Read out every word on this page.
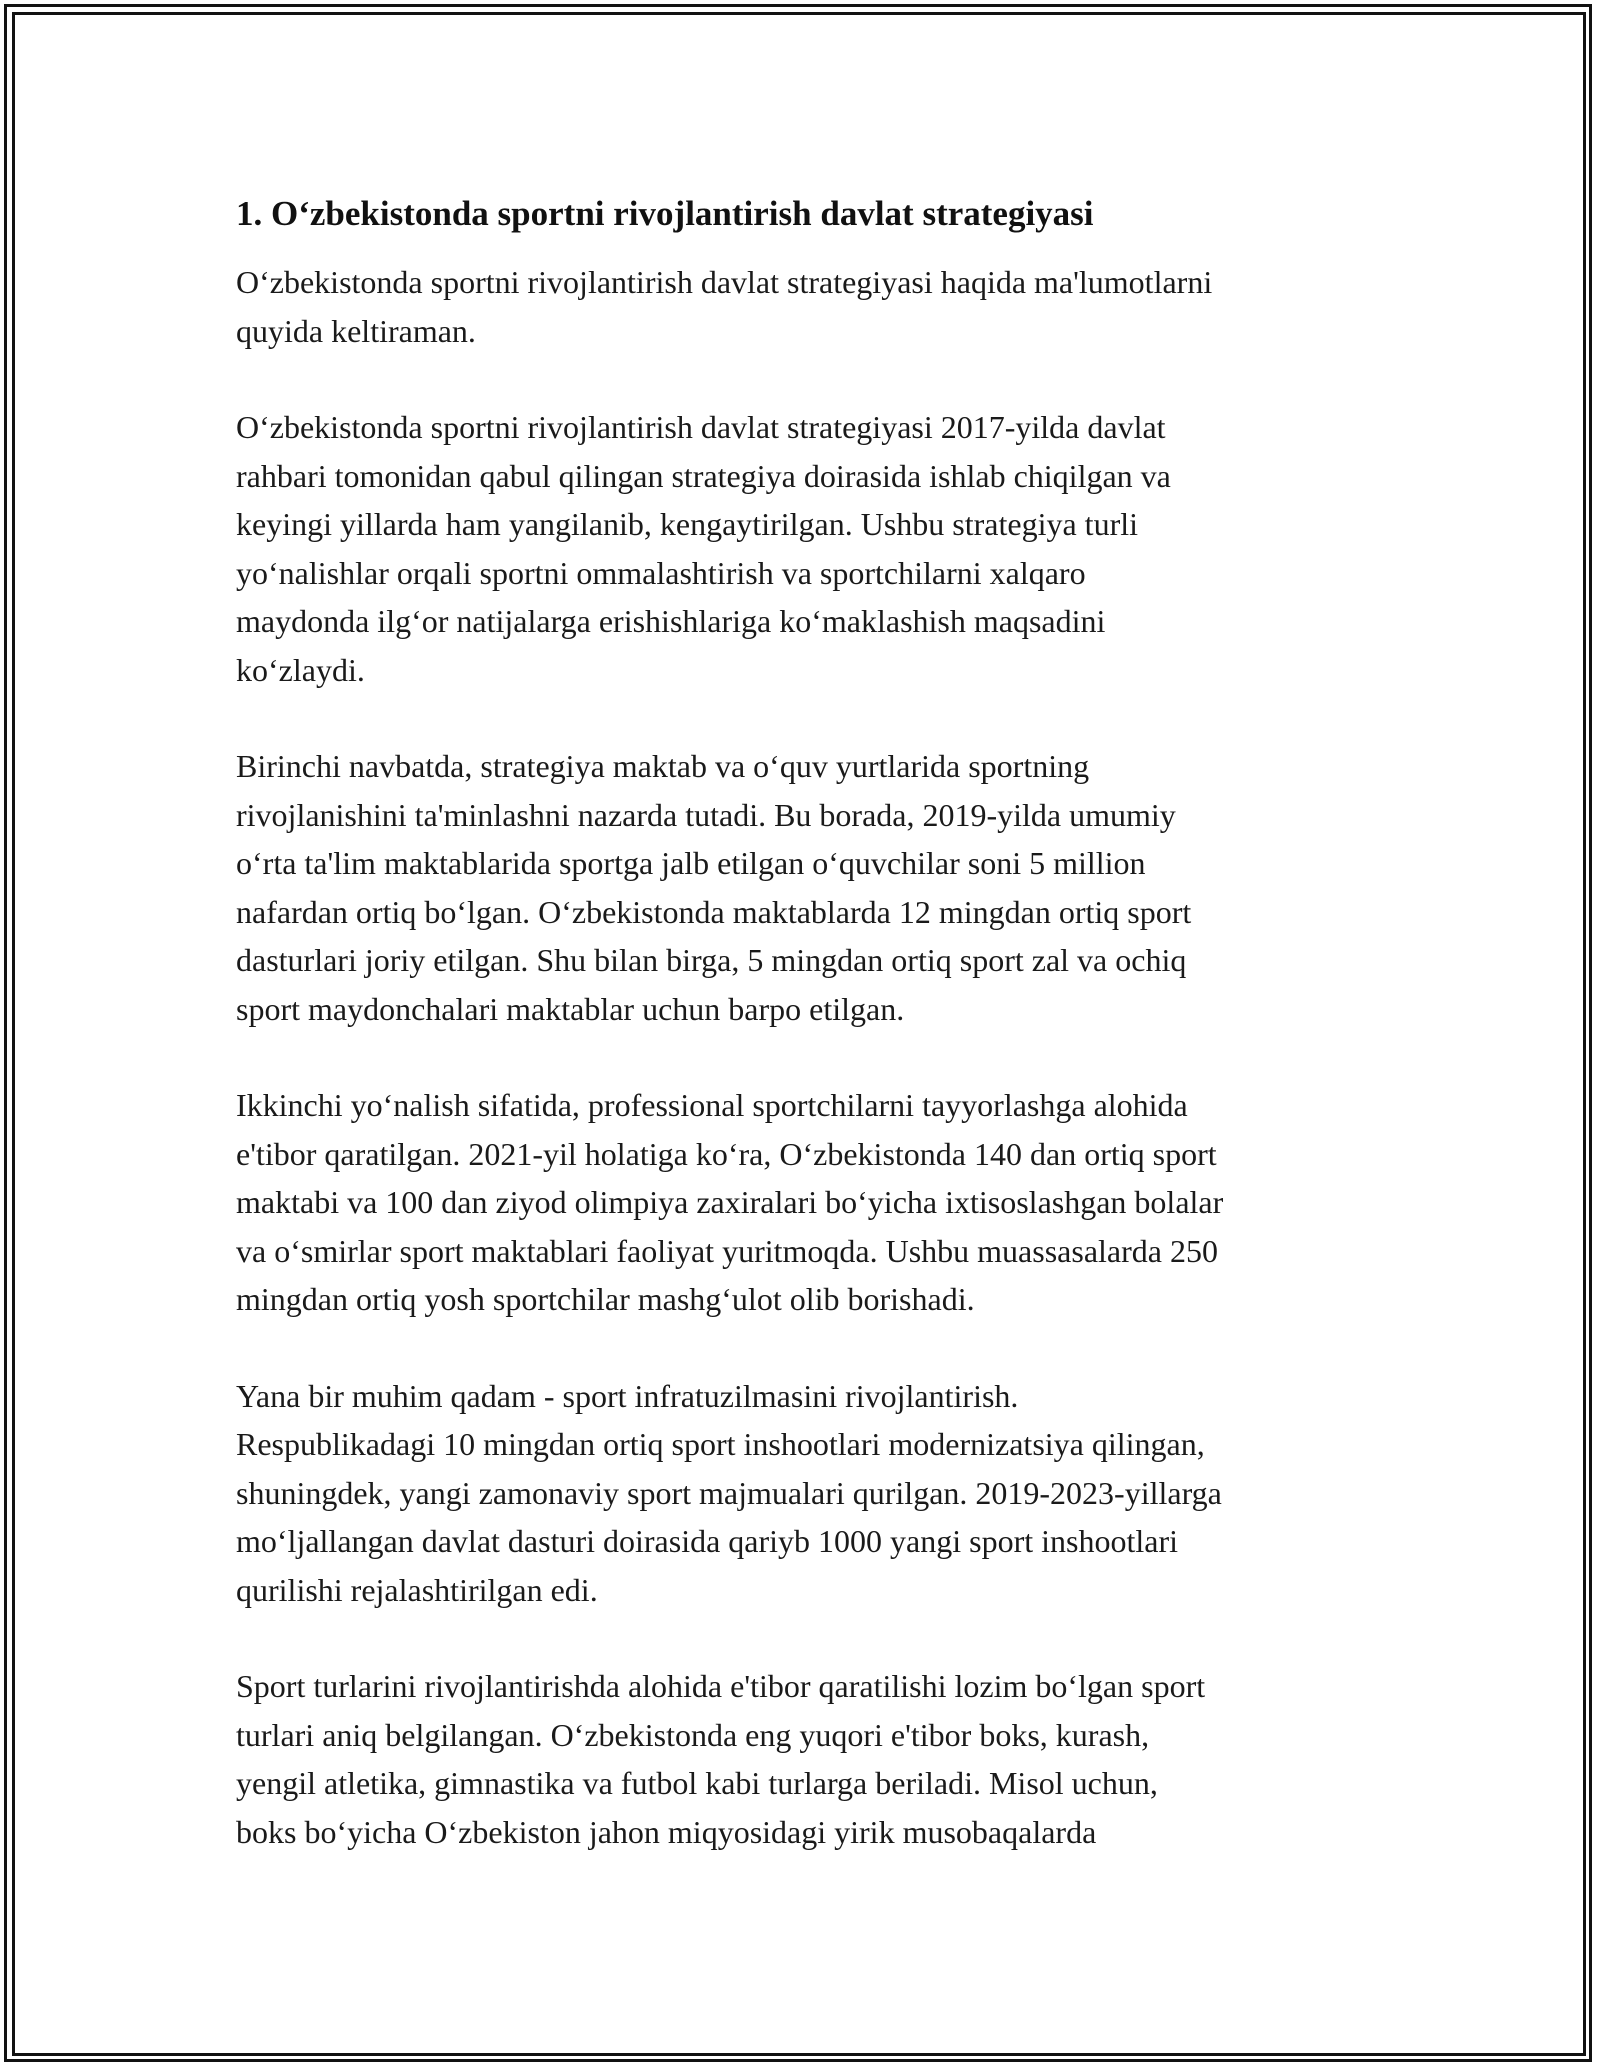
1. O‘zbekistonda sportni rivojlantirish davlat strategiyasi
O‘zbekistonda sportni rivojlantirish davlat strategiyasi haqida ma'lumotlarni
quyida keltiraman.
O‘zbekistonda sportni rivojlantirish davlat strategiyasi 2017-yilda davlat
rahbari tomonidan qabul qilingan strategiya doirasida ishlab chiqilgan va
keyingi yillarda ham yangilanib, kengaytirilgan. Ushbu strategiya turli
yo‘nalishlar orqali sportni ommalashtirish va sportchilarni xalqaro
maydonda ilg‘or natijalarga erishishlariga ko‘maklashish maqsadini
ko‘zlaydi.
Birinchi navbatda, strategiya maktab va o‘quv yurtlarida sportning
rivojlanishini ta'minlashni nazarda tutadi. Bu borada, 2019-yilda umumiy
o‘rta ta'lim maktablarida sportga jalb etilgan o‘quvchilar soni 5 million
nafardan ortiq bo‘lgan. O‘zbekistonda maktablarda 12 mingdan ortiq sport
dasturlari joriy etilgan. Shu bilan birga, 5 mingdan ortiq sport zal va ochiq
sport maydonchalari maktablar uchun barpo etilgan.
Ikkinchi yo‘nalish sifatida, professional sportchilarni tayyorlashga alohida
e'tibor qaratilgan. 2021-yil holatiga ko‘ra, O‘zbekistonda 140 dan ortiq sport
maktabi va 100 dan ziyod olimpiya zaxiralari bo‘yicha ixtisoslashgan bolalar
va o‘smirlar sport maktablari faoliyat yuritmoqda. Ushbu muassasalarda 250
mingdan ortiq yosh sportchilar mashg‘ulot olib borishadi.
Yana bir muhim qadam - sport infratuzilmasini rivojlantirish.
Respublikadagi 10 mingdan ortiq sport inshootlari modernizatsiya qilingan,
shuningdek, yangi zamonaviy sport majmualari qurilgan. 2019-2023-yillarga
mo‘ljallangan davlat dasturi doirasida qariyb 1000 yangi sport inshootlari
qurilishi rejalashtirilgan edi.
Sport turlarini rivojlantirishda alohida e'tibor qaratilishi lozim bo‘lgan sport
turlari aniq belgilangan. O‘zbekistonda eng yuqori e'tibor boks, kurash,
yengil atletika, gimnastika va futbol kabi turlarga beriladi. Misol uchun,
boks bo‘yicha O‘zbekiston jahon miqyosidagi yirik musobaqalarda
